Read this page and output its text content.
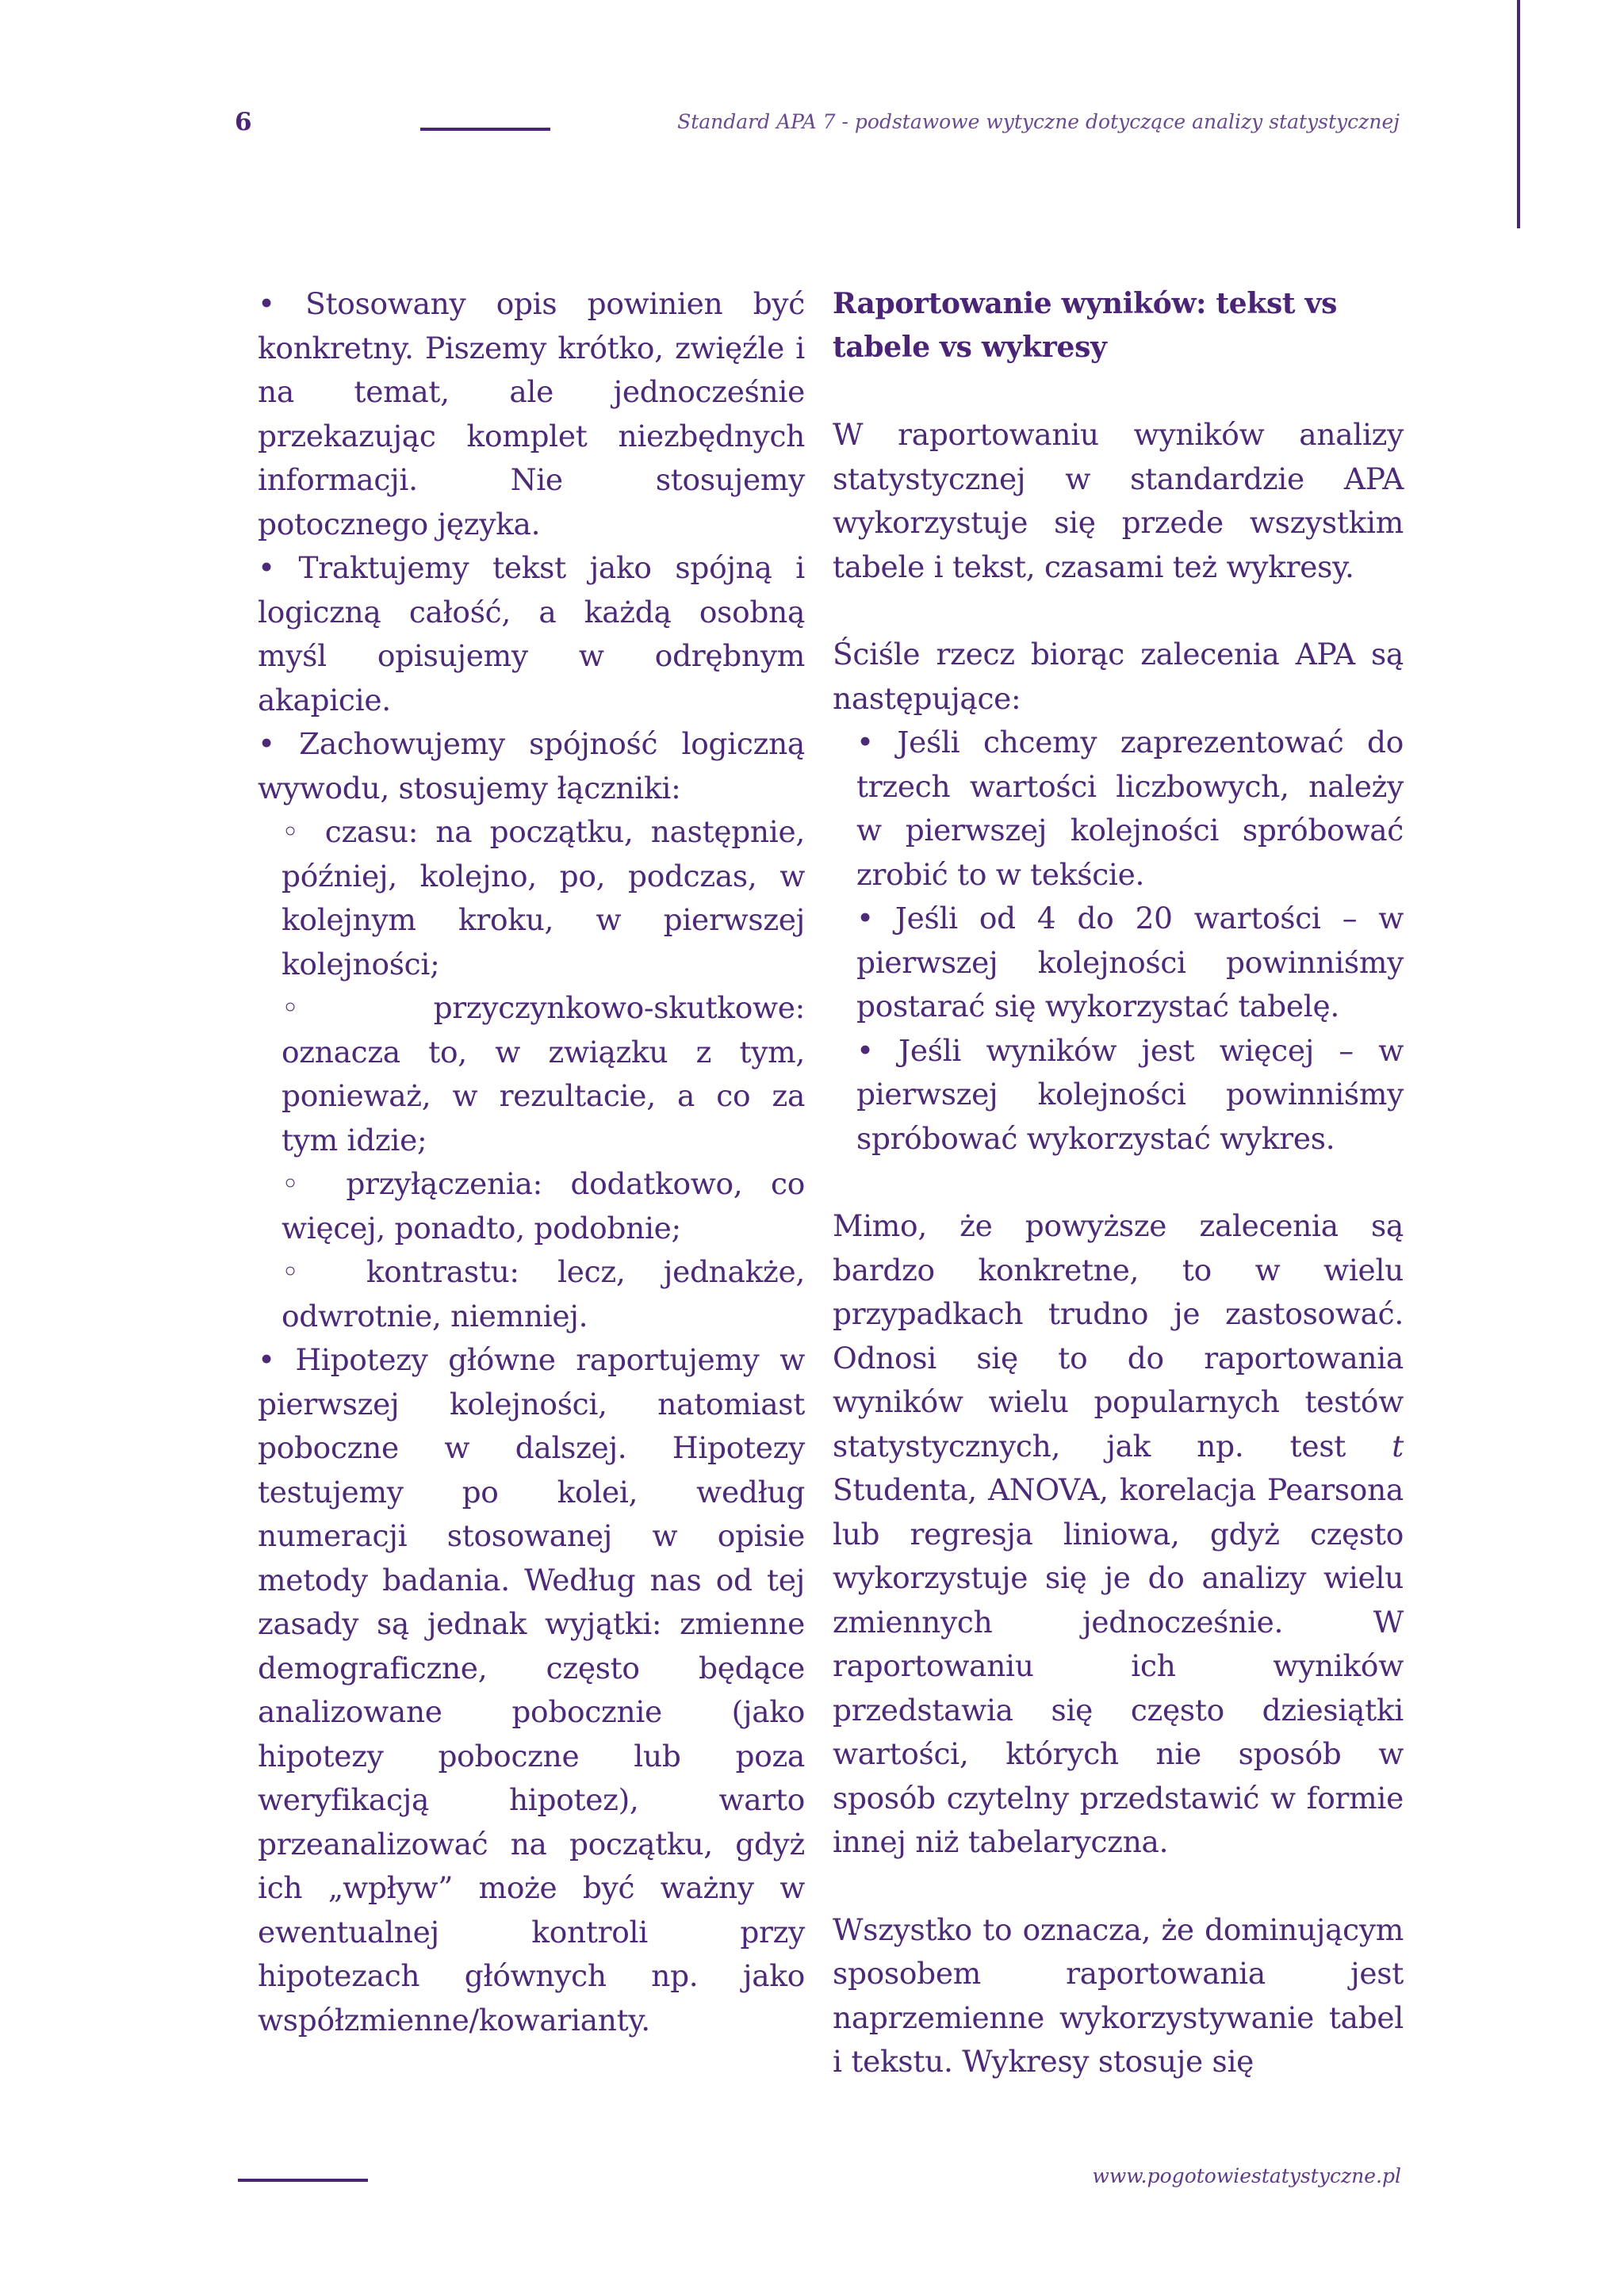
6	Standard APA 7 - podstawowe wytyczne dotyczące analizy statystycznej

• Stosowany opis powinien być konkretny. Piszemy krótko, zwięźle i na temat, ale jednocześnie przekazując komplet niezbędnych informacji. Nie stosujemy potocznego języka.

• Traktujemy tekst jako spójną i logiczną całość, a każdą osobną myśl opisujemy w odrębnym akapicie.

• Zachowujemy spójność logiczną wywodu, stosujemy łączniki:

◦ czasu: na początku, następnie, później, kolejno, po, podczas, w kolejnym kroku, w pierwszej kolejności;

◦ przyczynkowo-skutkowe: oznacza to, w związku z tym, ponieważ, w rezultacie, a co za tym idzie;

◦ przyłączenia: dodatkowo, co więcej, ponadto, podobnie;

◦ kontrastu: lecz, jednakże, odwrotnie, niemniej.

• Hipotezy główne raportujemy w pierwszej kolejności, natomiast poboczne w dalszej. Hipotezy testujemy po kolei, według numeracji stosowanej w opisie metody badania. Według nas od tej zasady są jednak wyjątki: zmienne demograficzne, często będące analizowane pobocznie (jako hipotezy poboczne lub poza weryfikacją hipotez), warto przeanalizować na początku, gdyż ich „wpływ” może być ważny w ewentualnej kontroli przy hipotezach głównych np. jako współzmienne/kowarianty.

Raportowanie wyników: tekst vs tabele vs wykresy

W raportowaniu wyników analizy statystycznej w standardzie APA wykorzystuje się przede wszystkim tabele i tekst, czasami też wykresy.

Ściśle rzecz biorąc zalecenia APA są następujące:

• Jeśli chcemy zaprezentować do trzech wartości liczbowych, należy w pierwszej kolejności spróbować zrobić to w tekście.

• Jeśli od 4 do 20 wartości – w pierwszej kolejności powinniśmy postarać się wykorzystać tabelę.

• Jeśli wyników jest więcej – w pierwszej kolejności powinniśmy spróbować wykorzystać wykres.

Mimo, że powyższe zalecenia są bardzo konkretne, to w wielu przypadkach trudno je zastosować. Odnosi się to do raportowania wyników wielu popularnych testów statystycznych, jak np. test t Studenta, ANOVA, korelacja Pearsona lub regresja liniowa, gdyż często wykorzystuje się je do analizy wielu zmiennych jednocześnie. W raportowaniu ich wyników przedstawia się często dziesiątki wartości, których nie sposób w sposób czytelny przedstawić w formie innej niż tabelaryczna.

Wszystko to oznacza, że dominującym sposobem raportowania jest naprzemienne wykorzystywanie tabel i tekstu. Wykresy stosuje się

www.pogotowiestatystyczne.pl
